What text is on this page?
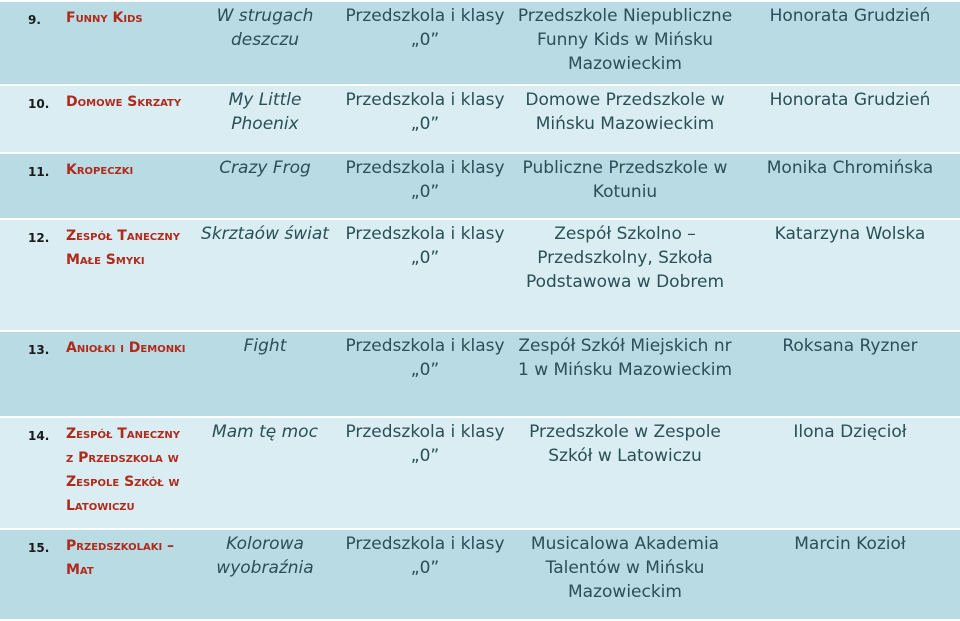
9.	Funny Kids	W strugach deszczu	Przedszkola i klasy „0”	Przedszkole Niepubliczne Funny Kids w Mińsku Mazowieckim	Honorata Grudzień
10.	Domowe Skrzaty	My Little Phoenix	Przedszkola i klasy „0”	Domowe Przedszkole w Mińsku Mazowieckim	Honorata Grudzień
11.	Kropeczki	Crazy Frog	Przedszkola i klasy „0”	Publiczne Przedszkole w Kotuniu	Monika Chromińska
12.	Zespół Taneczny Małe Smyki	Skrztaów świat	Przedszkola i klasy „0”	Zespół Szkolno – Przedszkolny, Szkoła Podstawowa w Dobrem	Katarzyna Wolska
13.	Aniołki i Demonki	Fight	Przedszkola i klasy „0”	Zespół Szkół Miejskich nr 1 w Mińsku Mazowieckim	Roksana Ryzner
14.	Zespół Taneczny z Przedszkola w Zespole Szkół w Latowiczu	Mam tę moc	Przedszkola i klasy „0”	Przedszkole w Zespole Szkół w Latowiczu	Ilona Dzięcioł
15.	Przedszkolaki – Mat	Kolorowa wyobraźnia	Przedszkola i klasy „0”	Musicalowa Akademia Talentów w Mińsku Mazowieckim	Marcin Kozioł
